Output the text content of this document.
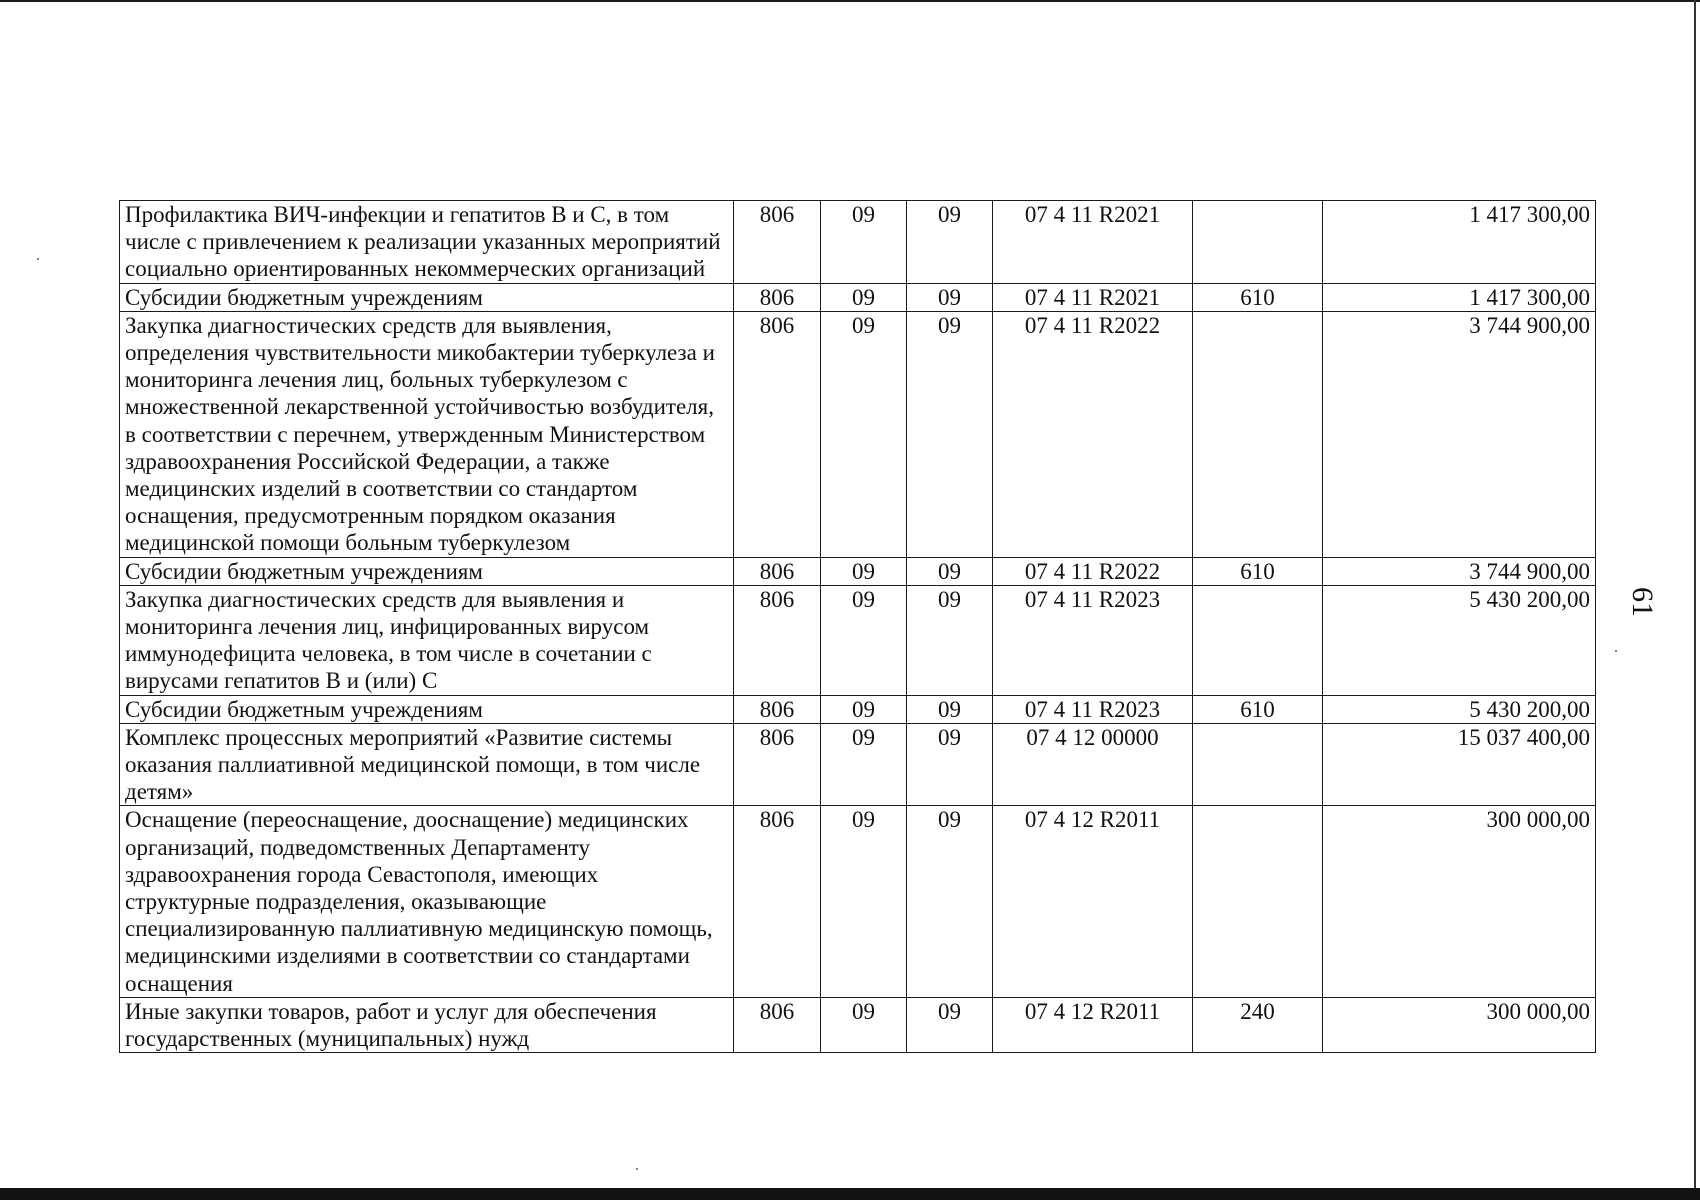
Профилактика ВИЧ-инфекции и гепатитов В и С, в том числе с привлечением к реализации указанных мероприятий социально ориентированных некоммерческих организаций	806	09	09	07 4 11 R2021		1 417 300,00
Субсидии бюджетным учреждениям	806	09	09	07 4 11 R2021	610	1 417 300,00
Закупка диагностических средств для выявления, определения чувствительности микобактерии туберкулеза и мониторинга лечения лиц, больных туберкулезом с множественной лекарственной устойчивостью возбудителя, в соответствии с перечнем, утвержденным Министерством здравоохранения Российской Федерации, а также медицинских изделий в соответствии со стандартом оснащения, предусмотренным порядком оказания медицинской помощи больным туберкулезом	806	09	09	07 4 11 R2022		3 744 900,00
Субсидии бюджетным учреждениям	806	09	09	07 4 11 R2022	610	3 744 900,00
Закупка диагностических средств для выявления и мониторинга лечения лиц, инфицированных вирусом иммунодефицита человека, в том числе в сочетании с вирусами гепатитов В и (или) С	806	09	09	07 4 11 R2023		5 430 200,00
Субсидии бюджетным учреждениям	806	09	09	07 4 11 R2023	610	5 430 200,00
Комплекс процессных мероприятий «Развитие системы оказания паллиативной медицинской помощи, в том числе детям»	806	09	09	07 4 12 00000		15 037 400,00
Оснащение (переоснащение, дооснащение) медицинских организаций, подведомственных Департаменту здравоохранения города Севастополя, имеющих структурные подразделения, оказывающие специализированную паллиативную медицинскую помощь, медицинскими изделиями в соответствии со стандартами оснащения	806	09	09	07 4 12 R2011		300 000,00
Иные закупки товаров, работ и услуг для обеспечения государственных (муниципальных) нужд	806	09	09	07 4 12 R2011	240	300 000,00
61
